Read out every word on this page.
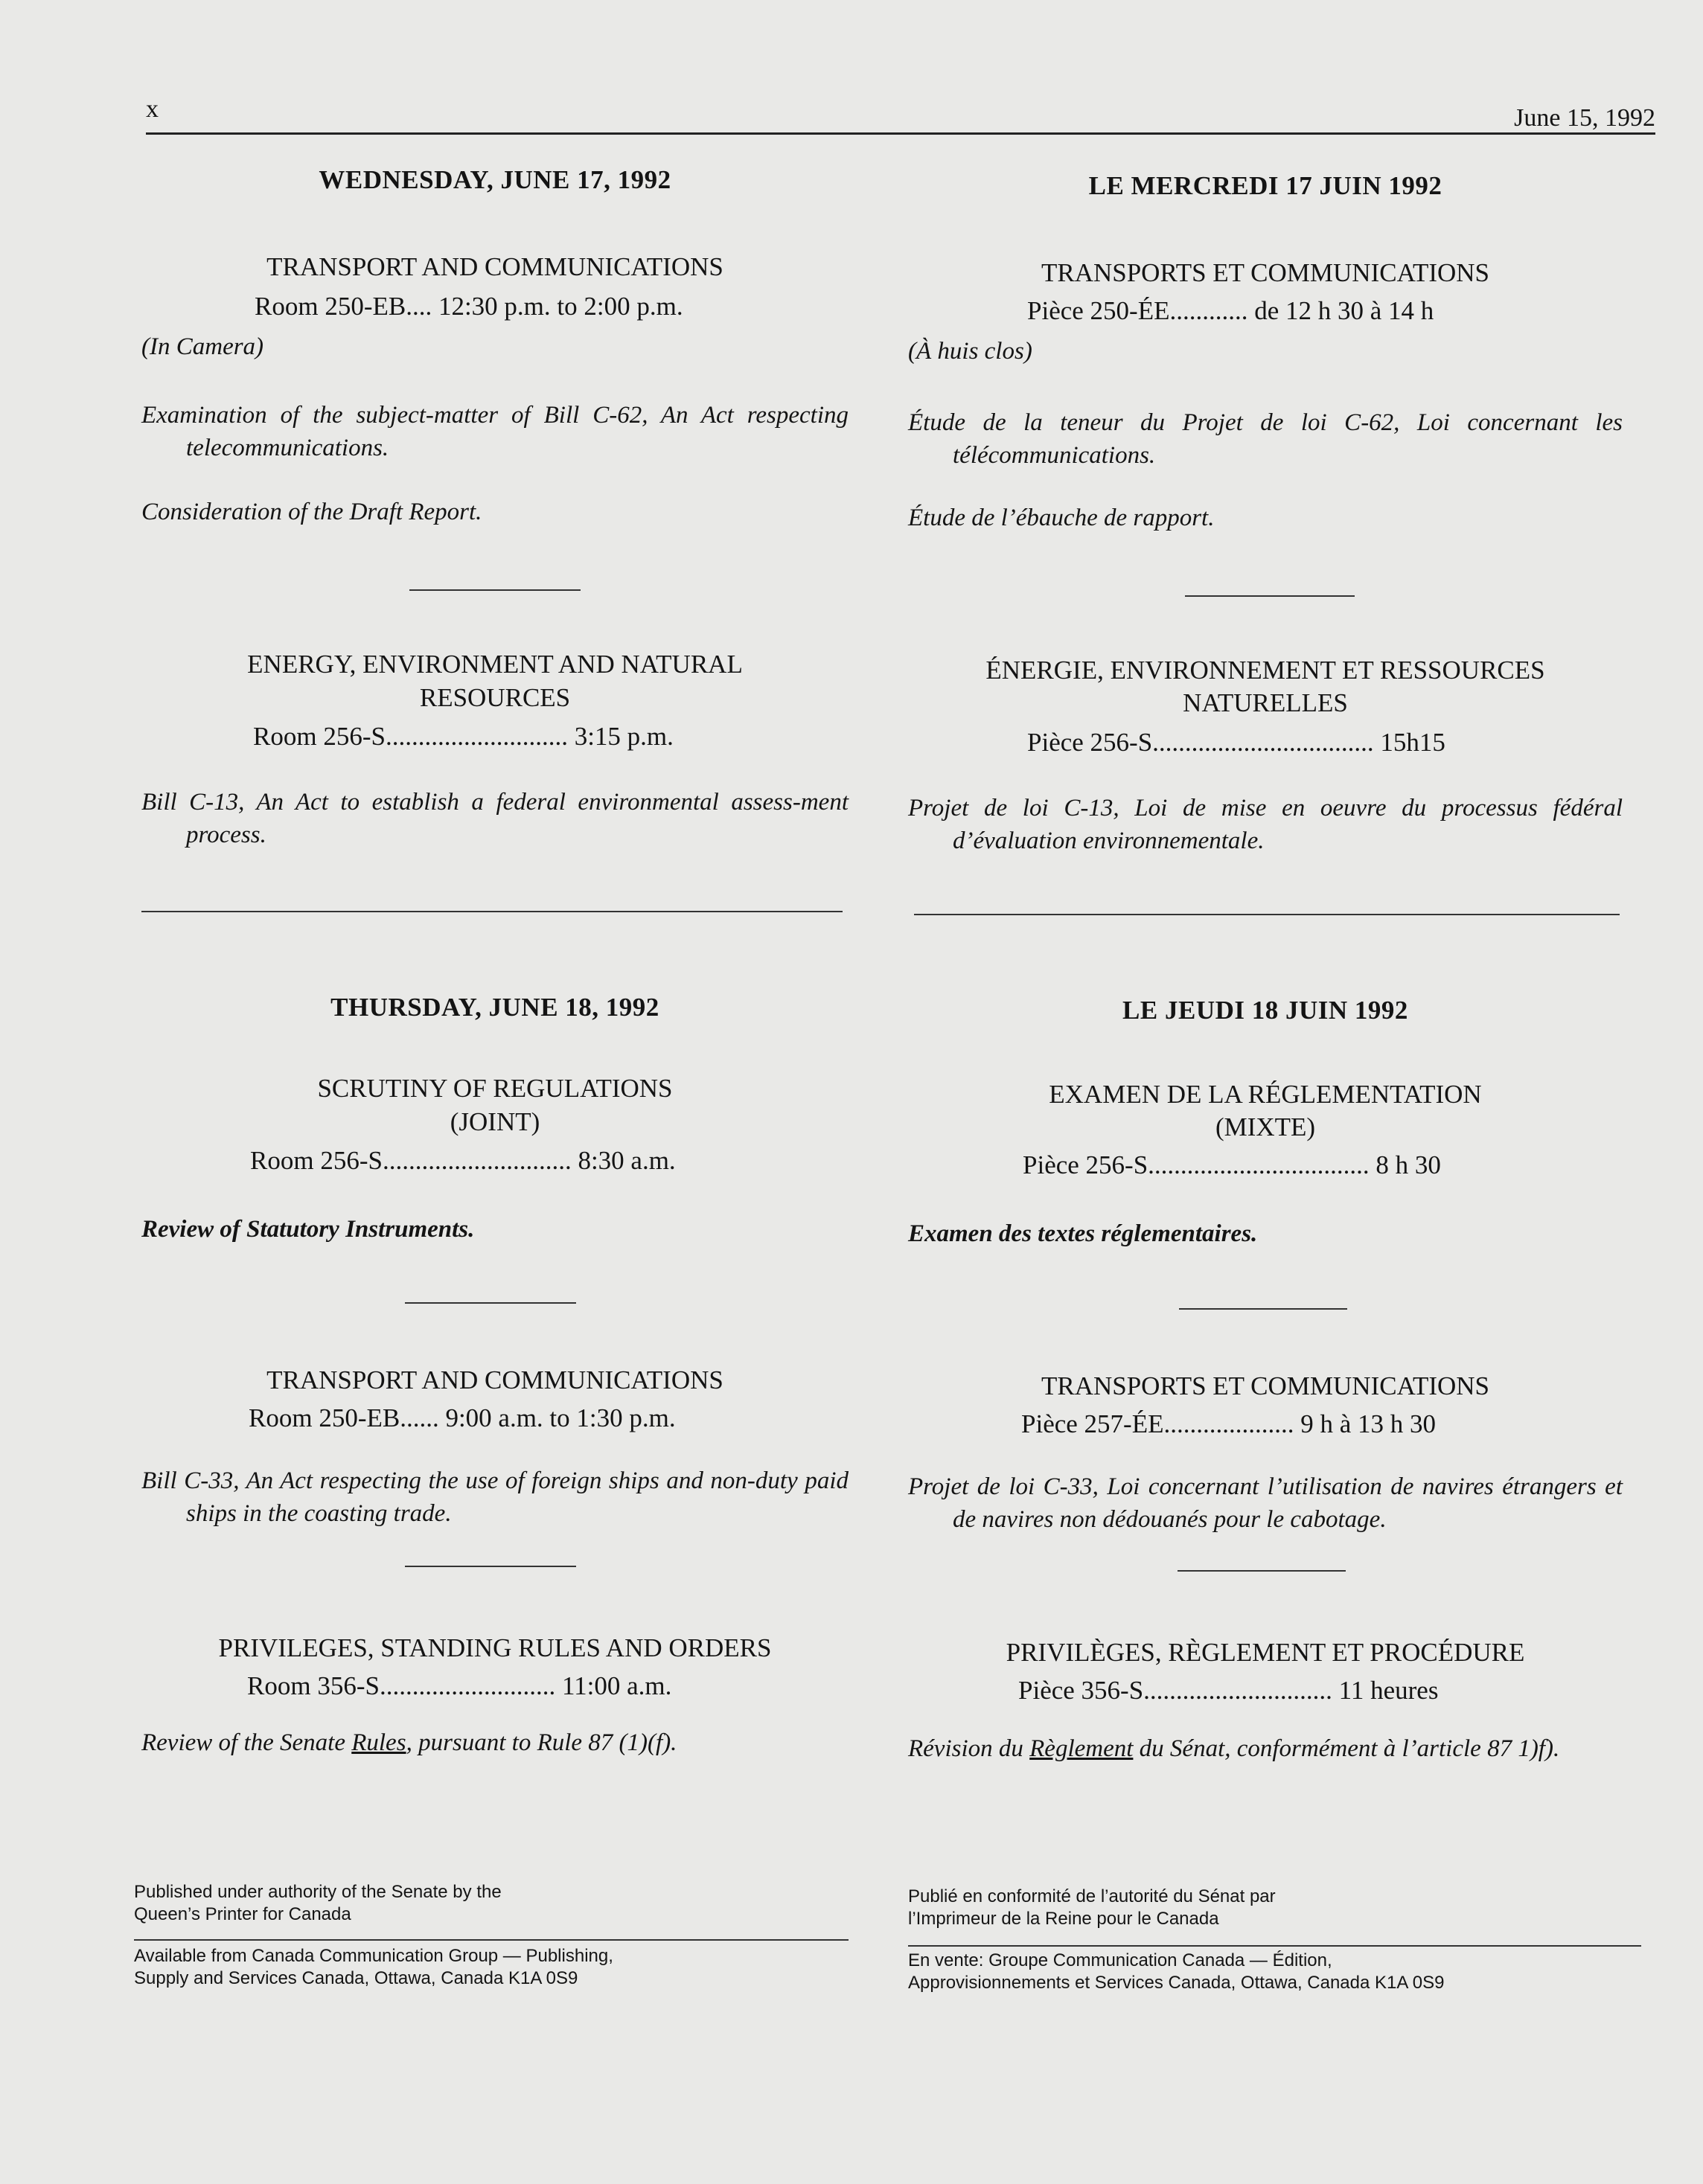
x	June 15, 1992
WEDNESDAY, JUNE 17, 1992
TRANSPORT AND COMMUNICATIONS
Room 250-EB.... 12:30 p.m. to 2:00 p.m.
(In Camera)
Examination of the subject-matter of Bill C-62, An Act respecting telecommunications.
Consideration of the Draft Report.
ENERGY, ENVIRONMENT AND NATURAL
RESOURCES
Room 256-S............................ 3:15 p.m.
Bill C-13, An Act to establish a federal environmental assess-ment process.
THURSDAY, JUNE 18, 1992
SCRUTINY OF REGULATIONS
(JOINT)
Room 256-S............................. 8:30 a.m.
Review of Statutory Instruments.
TRANSPORT AND COMMUNICATIONS
Room 250-EB...... 9:00 a.m. to 1:30 p.m.
Bill C-33, An Act respecting the use of foreign ships and non-duty paid ships in the coasting trade.
PRIVILEGES, STANDING RULES AND ORDERS
Room 356-S........................... 11:00 a.m.
Review of the Senate Rules, pursuant to Rule 87 (1)(f).
Published under authority of the Senate by the
Queen’s Printer for Canada
Available from Canada Communication Group — Publishing,
Supply and Services Canada, Ottawa, Canada K1A 0S9
LE MERCREDI 17 JUIN 1992
TRANSPORTS ET COMMUNICATIONS
Pièce 250-ÉE............ de 12 h 30 à 14 h
(À huis clos)
Étude de la teneur du Projet de loi C-62, Loi concernant les télécommunications.
Étude de l’ébauche de rapport.
ÉNERGIE, ENVIRONNEMENT ET RESSOURCES
NATURELLES
Pièce 256-S.................................. 15h15
Projet de loi C-13, Loi de mise en oeuvre du processus fédéral d’évaluation environnementale.
LE JEUDI 18 JUIN 1992
EXAMEN DE LA RÉGLEMENTATION
(MIXTE)
Pièce 256-S.................................. 8 h 30
Examen des textes réglementaires.
TRANSPORTS ET COMMUNICATIONS
Pièce 257-ÉE.................... 9 h à 13 h 30
Projet de loi C-33, Loi concernant l’utilisation de navires étrangers et de navires non dédouanés pour le cabotage.
PRIVILÈGES, RÈGLEMENT ET PROCÉDURE
Pièce 356-S............................. 11 heures
Révision du Règlement du Sénat, conformément à l’article 87 1)f).
Publié en conformité de l’autorité du Sénat par
l’Imprimeur de la Reine pour le Canada
En vente: Groupe Communication Canada — Édition,
Approvisionnements et Services Canada, Ottawa, Canada K1A 0S9
